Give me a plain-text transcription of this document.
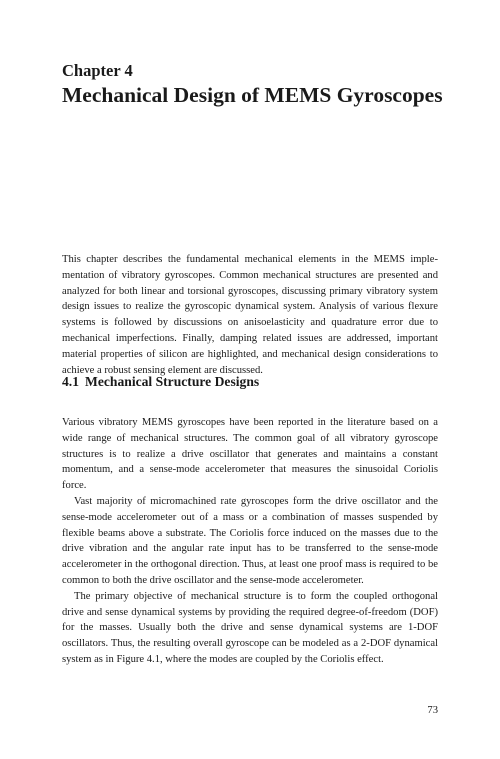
Chapter 4
Mechanical Design of MEMS Gyroscopes

This chapter describes the fundamental mechanical elements in the MEMS implementation of vibratory gyroscopes. Common mechanical structures are presented and analyzed for both linear and torsional gyroscopes, discussing primary vibratory system design issues to realize the gyroscopic dynamical system. Analysis of various flexure systems is followed by discussions on anisoelasticity and quadrature error due to mechanical imperfections. Finally, damping related issues are addressed, important material properties of silicon are highlighted, and mechanical design considerations to achieve a robust sensing element are discussed.

4.1 Mechanical Structure Designs

Various vibratory MEMS gyroscopes have been reported in the literature based on a wide range of mechanical structures. The common goal of all vibratory gyroscope structures is to realize a drive oscillator that generates and maintains a constant momentum, and a sense-mode accelerometer that measures the sinusoidal Coriolis force.

Vast majority of micromachined rate gyroscopes form the drive oscillator and the sense-mode accelerometer out of a mass or a combination of masses suspended by flexible beams above a substrate. The Coriolis force induced on the masses due to the drive vibration and the angular rate input has to be transferred to the sense-mode accelerometer in the orthogonal direction. Thus, at least one proof mass is required to be common to both the drive oscillator and the sense-mode accelerometer.

The primary objective of mechanical structure is to form the coupled orthogonal drive and sense dynamical systems by providing the required degree-of-freedom (DOF) for the masses. Usually both the drive and sense dynamical systems are 1-DOF oscillators. Thus, the resulting overall gyroscope can be modeled as a 2-DOF dynamical system as in Figure 4.1, where the modes are coupled by the Coriolis effect.

73
